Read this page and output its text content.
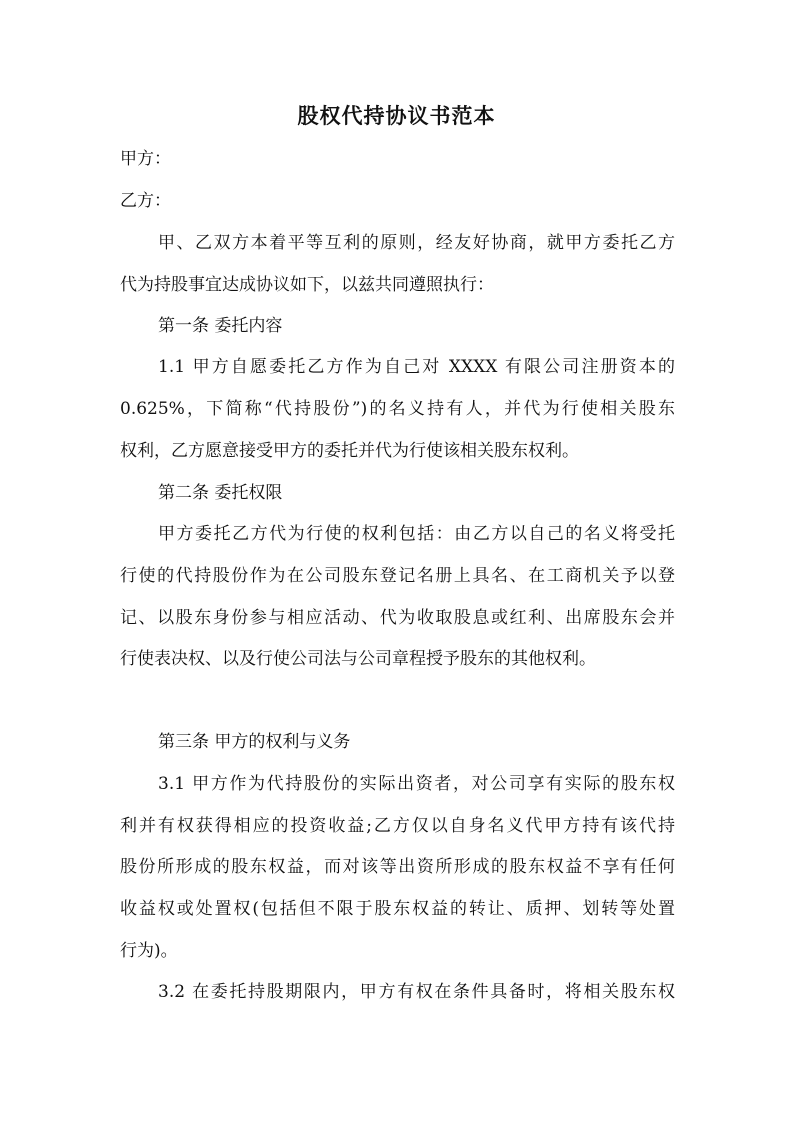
股权代持协议书范本

甲方：

乙方：

甲、乙双方本着平等互利的原则，经友好协商，就甲方委托乙方

代为持股事宜达成协议如下，以兹共同遵照执行：

第一条 委托内容

1.1 甲方自愿委托乙方作为自己对 XXXX 有限公司注册资本的

0.625%，下简称“代持股份”)的名义持有人，并代为行使相关股东

权利，乙方愿意接受甲方的委托并代为行使该相关股东权利。

第二条 委托权限

甲方委托乙方代为行使的权利包括：由乙方以自己的名义将受托

行使的代持股份作为在公司股东登记名册上具名、在工商机关予以登

记、以股东身份参与相应活动、代为收取股息或红利、出席股东会并

行使表决权、以及行使公司法与公司章程授予股东的其他权利。

第三条 甲方的权利与义务

3.1 甲方作为代持股份的实际出资者，对公司享有实际的股东权

利并有权获得相应的投资收益;乙方仅以自身名义代甲方持有该代持

股份所形成的股东权益，而对该等出资所形成的股东权益不享有任何

收益权或处置权(包括但不限于股东权益的转让、质押、划转等处置

行为)。

3.2 在委托持股期限内，甲方有权在条件具备时，将相关股东权
